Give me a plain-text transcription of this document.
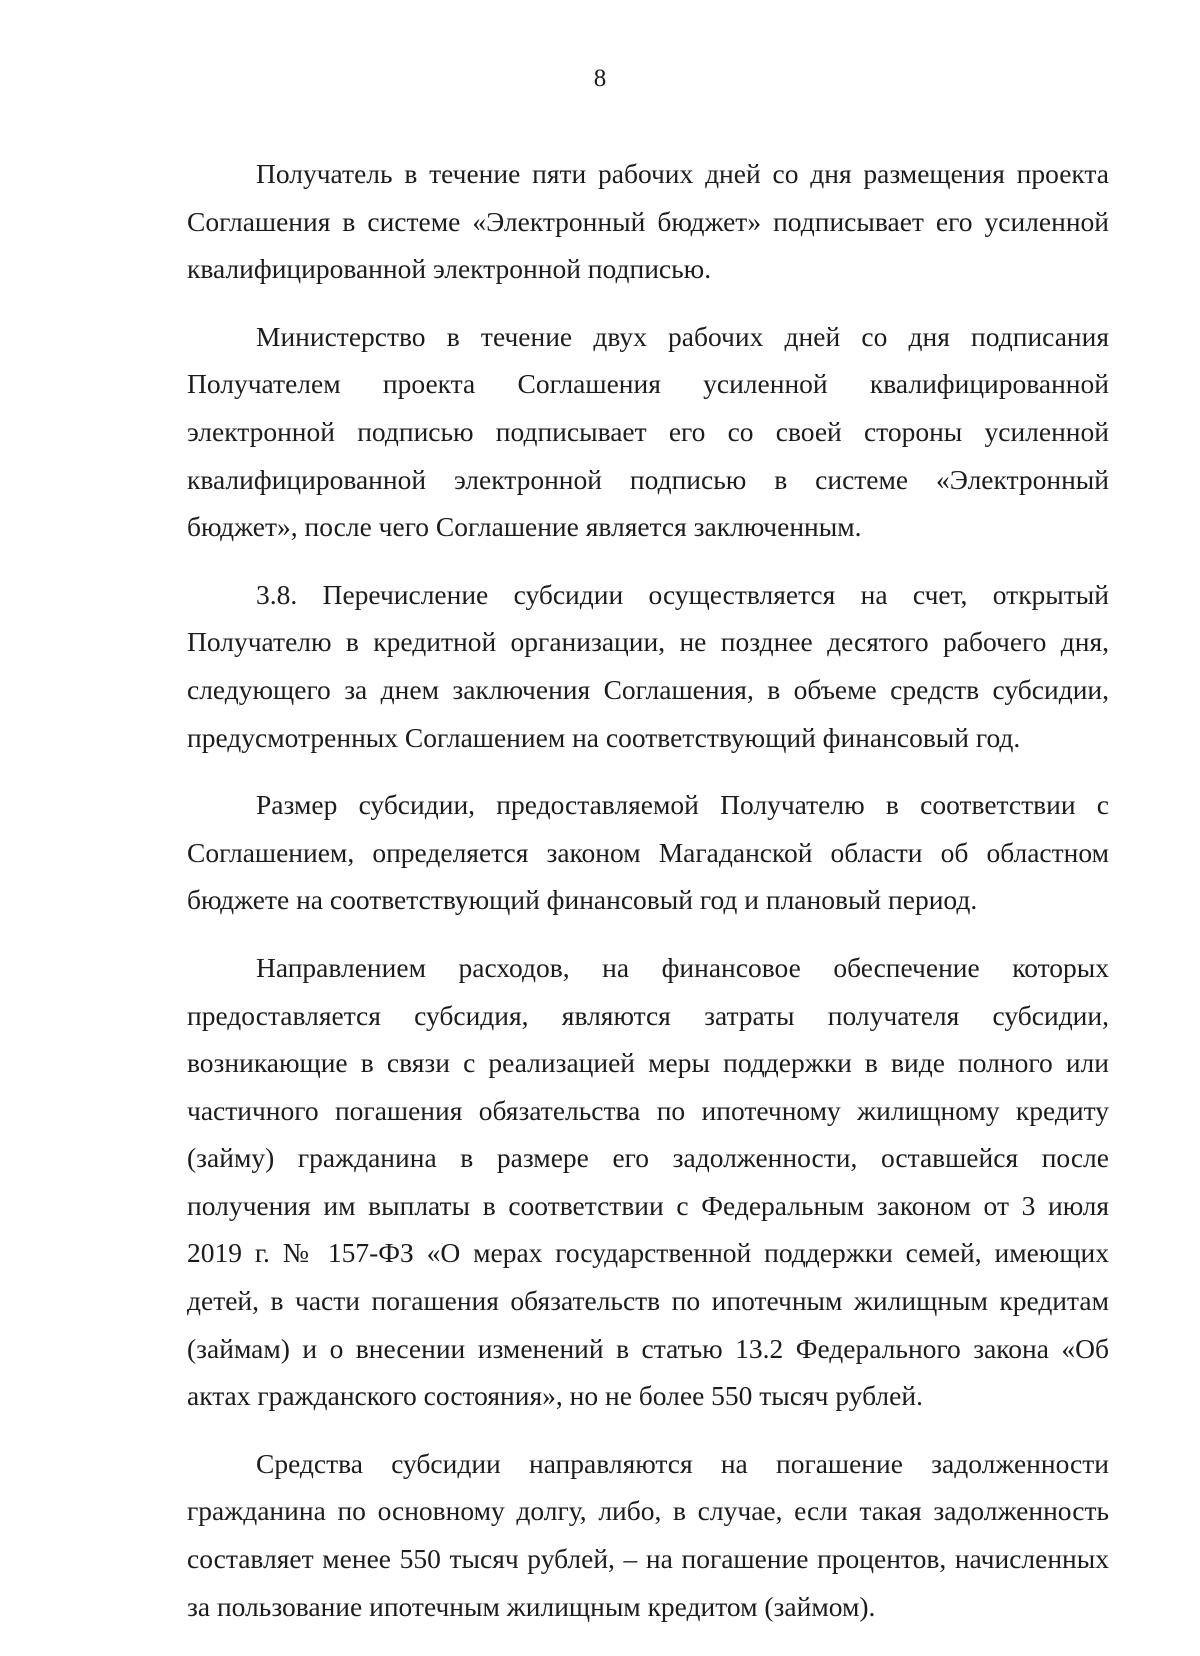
8

Получатель в течение пяти рабочих дней со дня размещения проекта Соглашения в системе «Электронный бюджет» подписывает его усиленной квалифицированной электронной подписью.

Министерство в течение двух рабочих дней со дня подписания Получателем проекта Соглашения усиленной квалифицированной электронной подписью подписывает его со своей стороны усиленной квалифицированной электронной подписью в системе «Электронный бюджет», после чего Соглашение является заключенным.

3.8. Перечисление субсидии осуществляется на счет, открытый Получателю в кредитной организации, не позднее десятого рабочего дня, следующего за днем заключения Соглашения, в объеме средств субсидии, предусмотренных Соглашением на соответствующий финансовый год.

Размер субсидии, предоставляемой Получателю в соответствии с Соглашением, определяется законом Магаданской области об областном бюджете на соответствующий финансовый год и плановый период.

Направлением расходов, на финансовое обеспечение которых предоставляется субсидия, являются затраты получателя субсидии, возникающие в связи с реализацией меры поддержки в виде полного или частичного погашения обязательства по ипотечному жилищному кредиту (займу) гражданина в размере его задолженности, оставшейся после получения им выплаты в соответствии с Федеральным законом от 3 июля 2019 г. № 157-ФЗ «О мерах государственной поддержки семей, имеющих детей, в части погашения обязательств по ипотечным жилищным кредитам (займам) и о внесении изменений в статью 13.2 Федерального закона «Об актах гражданского состояния», но не более 550 тысяч рублей.

Средства субсидии направляются на погашение задолженности гражданина по основному долгу, либо, в случае, если такая задолженность составляет менее 550 тысяч рублей, – на погашение процентов, начисленных за пользование ипотечным жилищным кредитом (займом).
